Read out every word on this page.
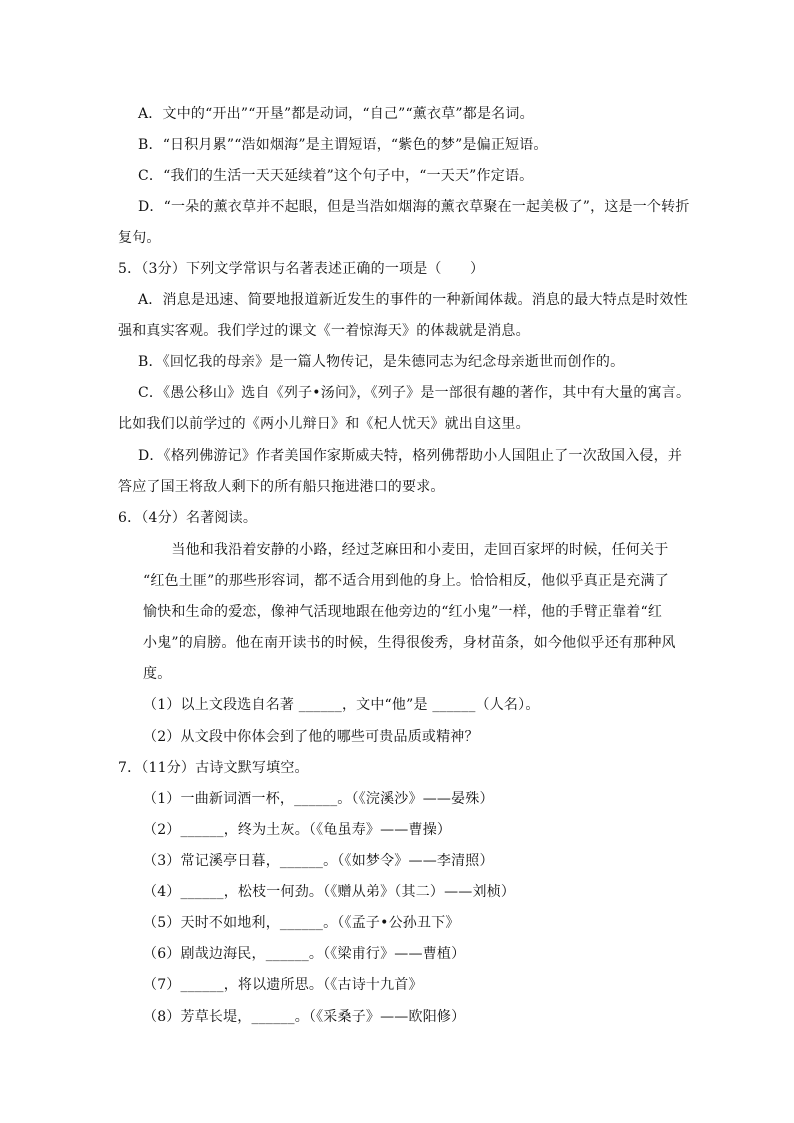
A．文中的“开出”“开垦”都是动词，“自己”“薰衣草”都是名词。

B．“日积月累”“浩如烟海”是主谓短语，“紫色的梦”是偏正短语。

C．“我们的生活一天天延续着”这个句子中，“一天天”作定语。

D．“一朵的薰衣草并不起眼，但是当浩如烟海的薰衣草聚在一起美极了”，这是一个转折

复句。

5．（3分）下列文学常识与名著表述正确的一项是（　　）

A．消息是迅速、简要地报道新近发生的事件的一种新闻体裁。消息的最大特点是时效性

强和真实客观。我们学过的课文《一着惊海天》的体裁就是消息。

B．《回忆我的母亲》是一篇人物传记，是朱德同志为纪念母亲逝世而创作的。

C．《愚公移山》选自《列子•汤问》，《列子》是一部很有趣的著作，其中有大量的寓言。

比如我们以前学过的《两小儿辩日》和《杞人忧天》就出自这里。

D．《格列佛游记》作者美国作家斯威夫特，格列佛帮助小人国阻止了一次敌国入侵，并

答应了国王将敌人剩下的所有船只拖进港口的要求。

6．（4分）名著阅读。

　　当他和我沿着安静的小路，经过芝麻田和小麦田，走回百家坪的时候，任何关于

“红色土匪”的那些形容词，都不适合用到他的身上。恰恰相反，他似乎真正是充满了

愉快和生命的爱恋，像神气活现地跟在他旁边的“红小鬼”一样，他的手臂正靠着“红

小鬼”的肩膀。他在南开读书的时候，生得很俊秀，身材苗条，如今他似乎还有那种风

度。

（1）以上文段选自名著 ______，文中“他”是 ______（人名）。

（2）从文段中你体会到了他的哪些可贵品质或精神？

7．（11分）古诗文默写填空。

（1）一曲新词酒一杯，______。（《浣溪沙》——晏殊）

（2）______，终为土灰。（《龟虽寿》——曹操）

（3）常记溪亭日暮，______。（《如梦令》——李清照）

（4）______，松枝一何劲。（《赠从弟》（其二）——刘桢）

（5）天时不如地利，______。（《孟子•公孙丑下》

（6）剧哉边海民，______。（《梁甫行》——曹植）

（7）______，将以遗所思。（《古诗十九首》

（8）芳草长堤，______。（《采桑子》——欧阳修）
